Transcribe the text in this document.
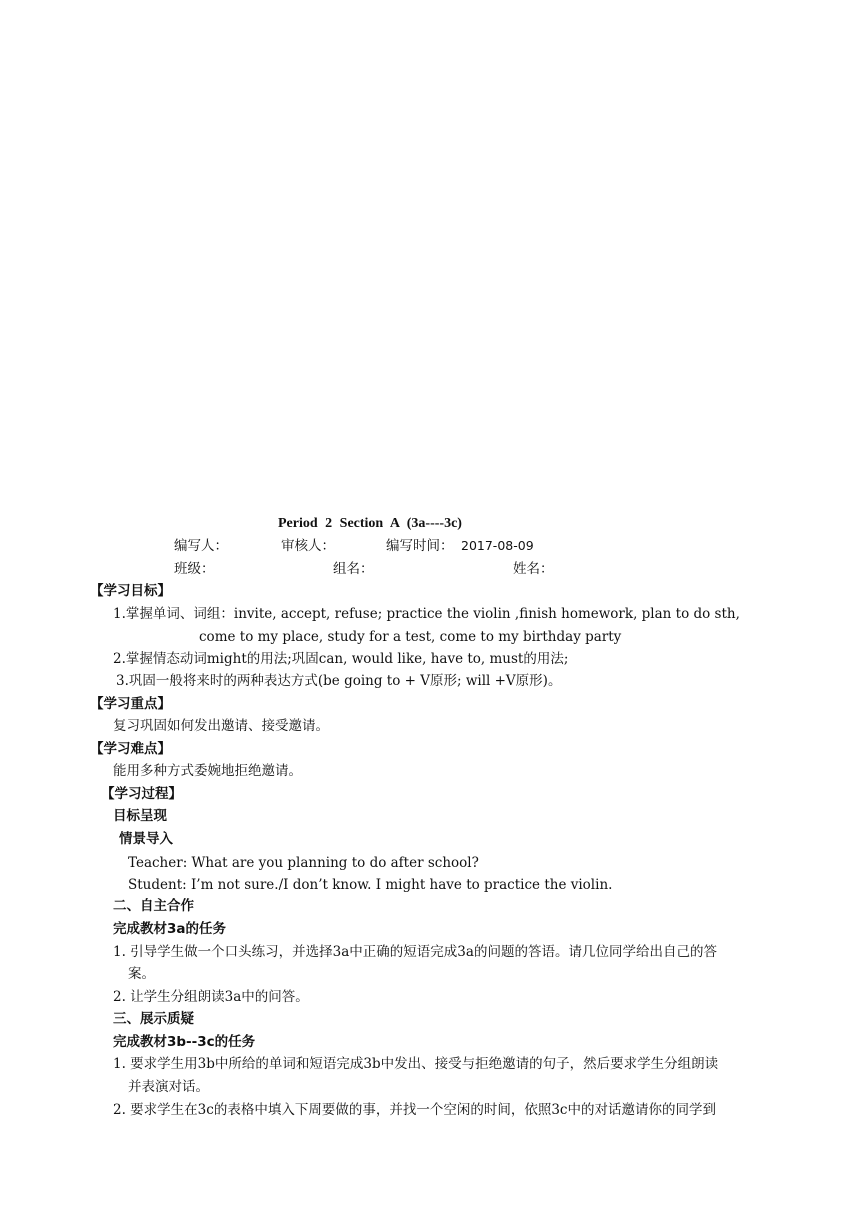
Period 2 Section A (3a----3c)
编写人：	审核人：	编写时间： 2017-08-09
班级：	组名：	姓名：
【学习目标】
1.掌握单词、词组：invite, accept, refuse; practice the violin ,finish homework, plan to do sth,
come to my place, study for a test, come to my birthday party
2.掌握情态动词might的用法;巩固can, would like, have to, must的用法;
3.巩固一般将来时的两种表达方式(be going to + V原形; will +V原形)。
【学习重点】
复习巩固如何发出邀请、接受邀请。
【学习难点】
能用多种方式委婉地拒绝邀请。
【学习过程】
目标呈现
情景导入
Teacher: What are you planning to do after school?
Student: I’m not sure./I don’t know. I might have to practice the violin.
二、自主合作
完成教材3a的任务
1. 引导学生做一个口头练习，并选择3a中正确的短语完成3a的问题的答语。请几位同学给出自己的答
案。
2. 让学生分组朗读3a中的问答。
三、展示质疑
完成教材3b--3c的任务
1. 要求学生用3b中所给的单词和短语完成3b中发出、接受与拒绝邀请的句子，然后要求学生分组朗读
并表演对话。
2. 要求学生在3c的表格中填入下周要做的事，并找一个空闲的时间，依照3c中的对话邀请你的同学到
